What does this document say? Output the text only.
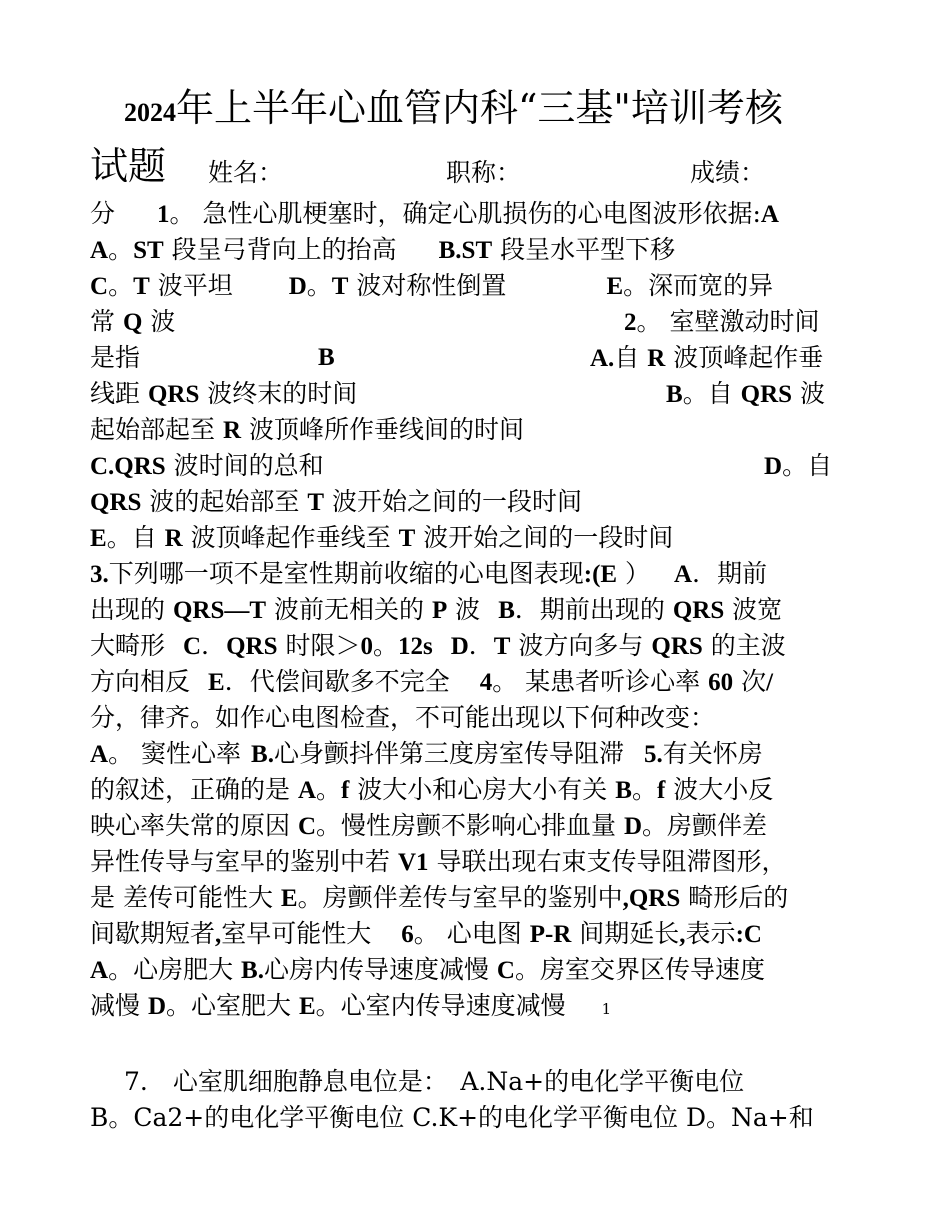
2024年上半年心血管内科“三基"培训考核
试题 姓名：	职称：	成绩：
分 1。 急性心肌梗塞时，确定心肌损伤的心电图波形依据:A
A。ST 段呈弓背向上的抬高 B.ST 段呈水平型下移
C。T 波平坦 D。T 波对称性倒置	E。深而宽的异
常 Q 波	2。 室壁激动时间
是指	B	A.自 R 波顶峰起作垂
线距 QRS 波终末的时间	B。自 QRS 波
起始部起至 R 波顶峰所作垂线间的时间
C.QRS 波时间的总和	D。自
QRS 波的起始部至 T 波开始之间的一段时间
E。自 R 波顶峰起作垂线至 T 波开始之间的一段时间
3.下列哪一项不是室性期前收缩的心电图表现:(E ） A．期前
出现的 QRS—T 波前无相关的 P 波 B．期前出现的 QRS 波宽
大畸形 C．QRS 时限＞0。12s D．T 波方向多与 QRS 的主波
方向相反 E．代偿间歇多不完全 4。 某患者听诊心率 60 次/
分，律齐。如作心电图检查，不可能出现以下何种改变：
A。 窦性心率 B.心身颤抖伴第三度房室传导阻滞 5.有关怀房
的叙述，正确的是 A。f 波大小和心房大小有关 B。f 波大小反
映心率失常的原因 C。慢性房颤不影响心排血量 D。房颤伴差
异性传导与室早的鉴别中若 V1 导联出现右束支传导阻滞图形，
是 差传可能性大 E。房颤伴差传与室早的鉴别中,QRS 畸形后的
间歇期短者,室早可能性大 6。 心电图 P-R 间期延长,表示:C
A。心房肥大 B.心房内传导速度减慢 C。房室交界区传导速度
减慢 D。心室肥大 E。心室内传导速度减慢 1
7.　心室肌细胞静息电位是：　A.Na+的电化学平衡电位
B。Ca2+的电化学平衡电位 C.K+的电化学平衡电位 D。Na+和
